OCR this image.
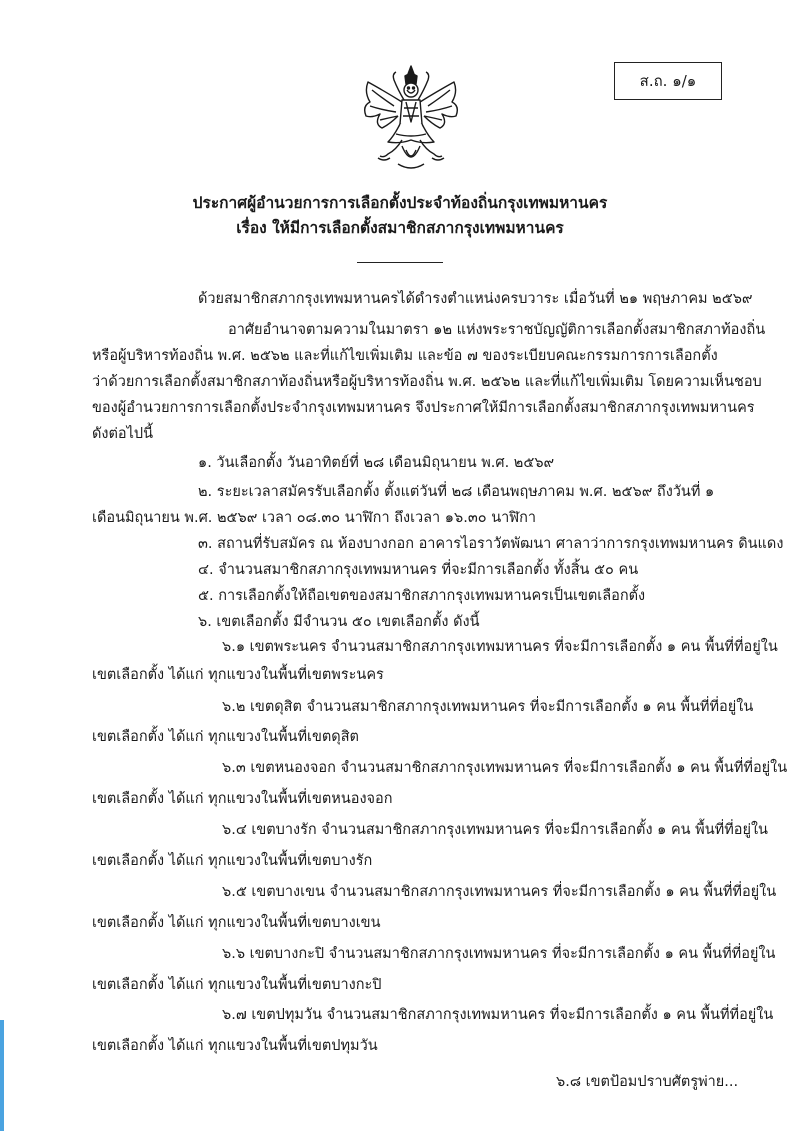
ส.ถ. ๑/๑
ประกาศผู้อำนวยการการเลือกตั้งประจำท้องถิ่นกรุงเทพมหานคร
เรื่อง ให้มีการเลือกตั้งสมาชิกสภากรุงเทพมหานคร
ด้วยสมาชิกสภากรุงเทพมหานครได้ดำรงตำแหน่งครบวาระ เมื่อวันที่ ๒๑ พฤษภาคม ๒๕๖๙
อาศัยอำนาจตามความในมาตรา ๑๒ แห่งพระราชบัญญัติการเลือกตั้งสมาชิกสภาท้องถิ่น
หรือผู้บริหารท้องถิ่น พ.ศ. ๒๕๖๒ และที่แก้ไขเพิ่มเติม และข้อ ๗ ของระเบียบคณะกรรมการการเลือกตั้ง
ว่าด้วยการเลือกตั้งสมาชิกสภาท้องถิ่นหรือผู้บริหารท้องถิ่น พ.ศ. ๒๕๖๒ และที่แก้ไขเพิ่มเติม โดยความเห็นชอบ
ของผู้อำนวยการการเลือกตั้งประจำกรุงเทพมหานคร จึงประกาศให้มีการเลือกตั้งสมาชิกสภากรุงเทพมหานคร
ดังต่อไปนี้
๑. วันเลือกตั้ง วันอาทิตย์ที่ ๒๘ เดือนมิถุนายน พ.ศ. ๒๕๖๙
๒. ระยะเวลาสมัครรับเลือกตั้ง ตั้งแต่วันที่ ๒๘ เดือนพฤษภาคม พ.ศ. ๒๕๖๙ ถึงวันที่ ๑
เดือนมิถุนายน พ.ศ. ๒๕๖๙ เวลา ๐๘.๓๐ นาฬิกา ถึงเวลา ๑๖.๓๐ นาฬิกา
๓. สถานที่รับสมัคร ณ ห้องบางกอก อาคารไอราวัตพัฒนา ศาลาว่าการกรุงเทพมหานคร ดินแดง
๔. จำนวนสมาชิกสภากรุงเทพมหานคร ที่จะมีการเลือกตั้ง ทั้งสิ้น ๕๐ คน
๕. การเลือกตั้งให้ถือเขตของสมาชิกสภากรุงเทพมหานครเป็นเขตเลือกตั้ง
๖. เขตเลือกตั้ง มีจำนวน ๕๐ เขตเลือกตั้ง ดังนี้
๖.๑ เขตพระนคร จำนวนสมาชิกสภากรุงเทพมหานคร ที่จะมีการเลือกตั้ง ๑ คน พื้นที่ที่อยู่ใน
เขตเลือกตั้ง ได้แก่ ทุกแขวงในพื้นที่เขตพระนคร
๖.๒ เขตดุสิต จำนวนสมาชิกสภากรุงเทพมหานคร ที่จะมีการเลือกตั้ง ๑ คน พื้นที่ที่อยู่ใน
เขตเลือกตั้ง ได้แก่ ทุกแขวงในพื้นที่เขตดุสิต
๖.๓ เขตหนองจอก จำนวนสมาชิกสภากรุงเทพมหานคร ที่จะมีการเลือกตั้ง ๑ คน พื้นที่ที่อยู่ใน
เขตเลือกตั้ง ได้แก่ ทุกแขวงในพื้นที่เขตหนองจอก
๖.๔ เขตบางรัก จำนวนสมาชิกสภากรุงเทพมหานคร ที่จะมีการเลือกตั้ง ๑ คน พื้นที่ที่อยู่ใน
เขตเลือกตั้ง ได้แก่ ทุกแขวงในพื้นที่เขตบางรัก
๖.๕ เขตบางเขน จำนวนสมาชิกสภากรุงเทพมหานคร ที่จะมีการเลือกตั้ง ๑ คน พื้นที่ที่อยู่ใน
เขตเลือกตั้ง ได้แก่ ทุกแขวงในพื้นที่เขตบางเขน
๖.๖ เขตบางกะปิ จำนวนสมาชิกสภากรุงเทพมหานคร ที่จะมีการเลือกตั้ง ๑ คน พื้นที่ที่อยู่ใน
เขตเลือกตั้ง ได้แก่ ทุกแขวงในพื้นที่เขตบางกะปิ
๖.๗ เขตปทุมวัน จำนวนสมาชิกสภากรุงเทพมหานคร ที่จะมีการเลือกตั้ง ๑ คน พื้นที่ที่อยู่ใน
เขตเลือกตั้ง ได้แก่ ทุกแขวงในพื้นที่เขตปทุมวัน
๖.๘ เขตป้อมปราบศัตรูพ่าย...
